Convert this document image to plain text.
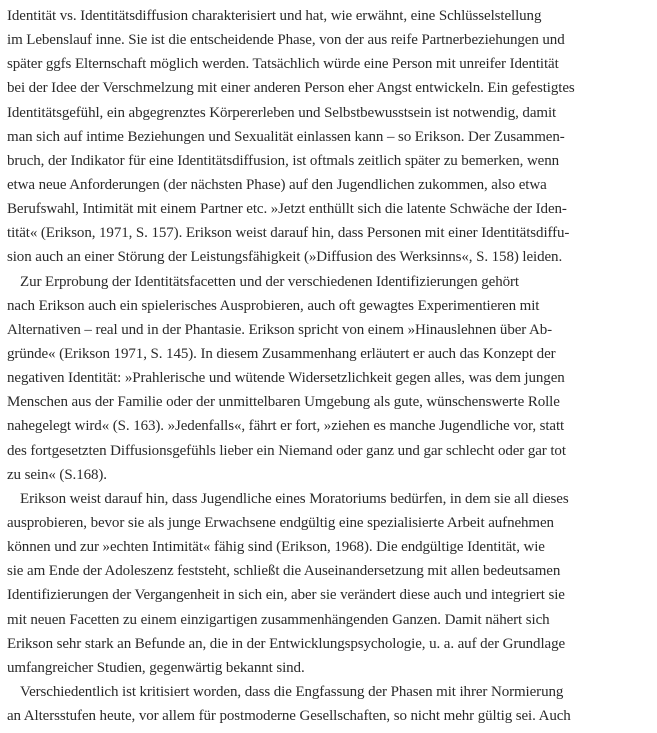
Identität vs. Identitätsdiffusion charakterisiert und hat, wie erwähnt, eine Schlüsselstellung
im Lebenslauf inne. Sie ist die entscheidende Phase, von der aus reife Partnerbeziehungen und
später ggfs Elternschaft möglich werden. Tatsächlich würde eine Person mit unreifer Identität
bei der Idee der Verschmelzung mit einer anderen Person eher Angst entwickeln. Ein gefestigtes
Identitätsgefühl, ein abgegrenztes Körpererleben und Selbstbewusstsein ist notwendig, damit
man sich auf intime Beziehungen und Sexualität einlassen kann – so Erikson. Der Zusammen-
bruch, der Indikator für eine Identitätsdiffusion, ist oftmals zeitlich später zu bemerken, wenn
etwa neue Anforderungen (der nächsten Phase) auf den Jugendlichen zukommen, also etwa
Berufswahl, Intimität mit einem Partner etc. »Jetzt enthüllt sich die latente Schwäche der Iden-
tität« (Erikson, 1971, S. 157). Erikson weist darauf hin, dass Personen mit einer Identitätsdiffu-
sion auch an einer Störung der Leistungsfähigkeit (»Diffusion des Werksinns«, S. 158) leiden.
Zur Erprobung der Identitätsfacetten und der verschiedenen Identifizierungen gehört
nach Erikson auch ein spielerisches Ausprobieren, auch oft gewagtes Experimentieren mit
Alternativen – real und in der Phantasie. Erikson spricht von einem »Hinauslehnen über Ab-
gründe« (Erikson 1971, S. 145). In diesem Zusammenhang erläutert er auch das Konzept der
negativen Identität: »Prahlerische und wütende Widersetzlichkeit gegen alles, was dem jungen
Menschen aus der Familie oder der unmittelbaren Umgebung als gute, wünschenswerte Rolle
nahegelegt wird« (S. 163). »Jedenfalls«, fährt er fort, »ziehen es manche Jugendliche vor, statt
des fortgesetzten Diffusionsgefühls lieber ein Niemand oder ganz und gar schlecht oder gar tot
zu sein« (S.168).
Erikson weist darauf hin, dass Jugendliche eines Moratoriums bedürfen, in dem sie all dieses
ausprobieren, bevor sie als junge Erwachsene endgültig eine spezialisierte Arbeit aufnehmen
können und zur »echten Intimität« fähig sind (Erikson, 1968). Die endgültige Identität, wie
sie am Ende der Adoleszenz feststeht, schließt die Auseinandersetzung mit allen bedeutsamen
Identifizierungen der Vergangenheit in sich ein, aber sie verändert diese auch und integriert sie
mit neuen Facetten zu einem einzigartigen zusammenhängenden Ganzen. Damit nähert sich
Erikson sehr stark an Befunde an, die in der Entwicklungspsychologie, u. a. auf der Grundlage
umfangreicher Studien, gegenwärtig bekannt sind.
Verschiedentlich ist kritisiert worden, dass die Engfassung der Phasen mit ihrer Normierung
an Altersstufen heute, vor allem für postmoderne Gesellschaften, so nicht mehr gültig sei. Auch
